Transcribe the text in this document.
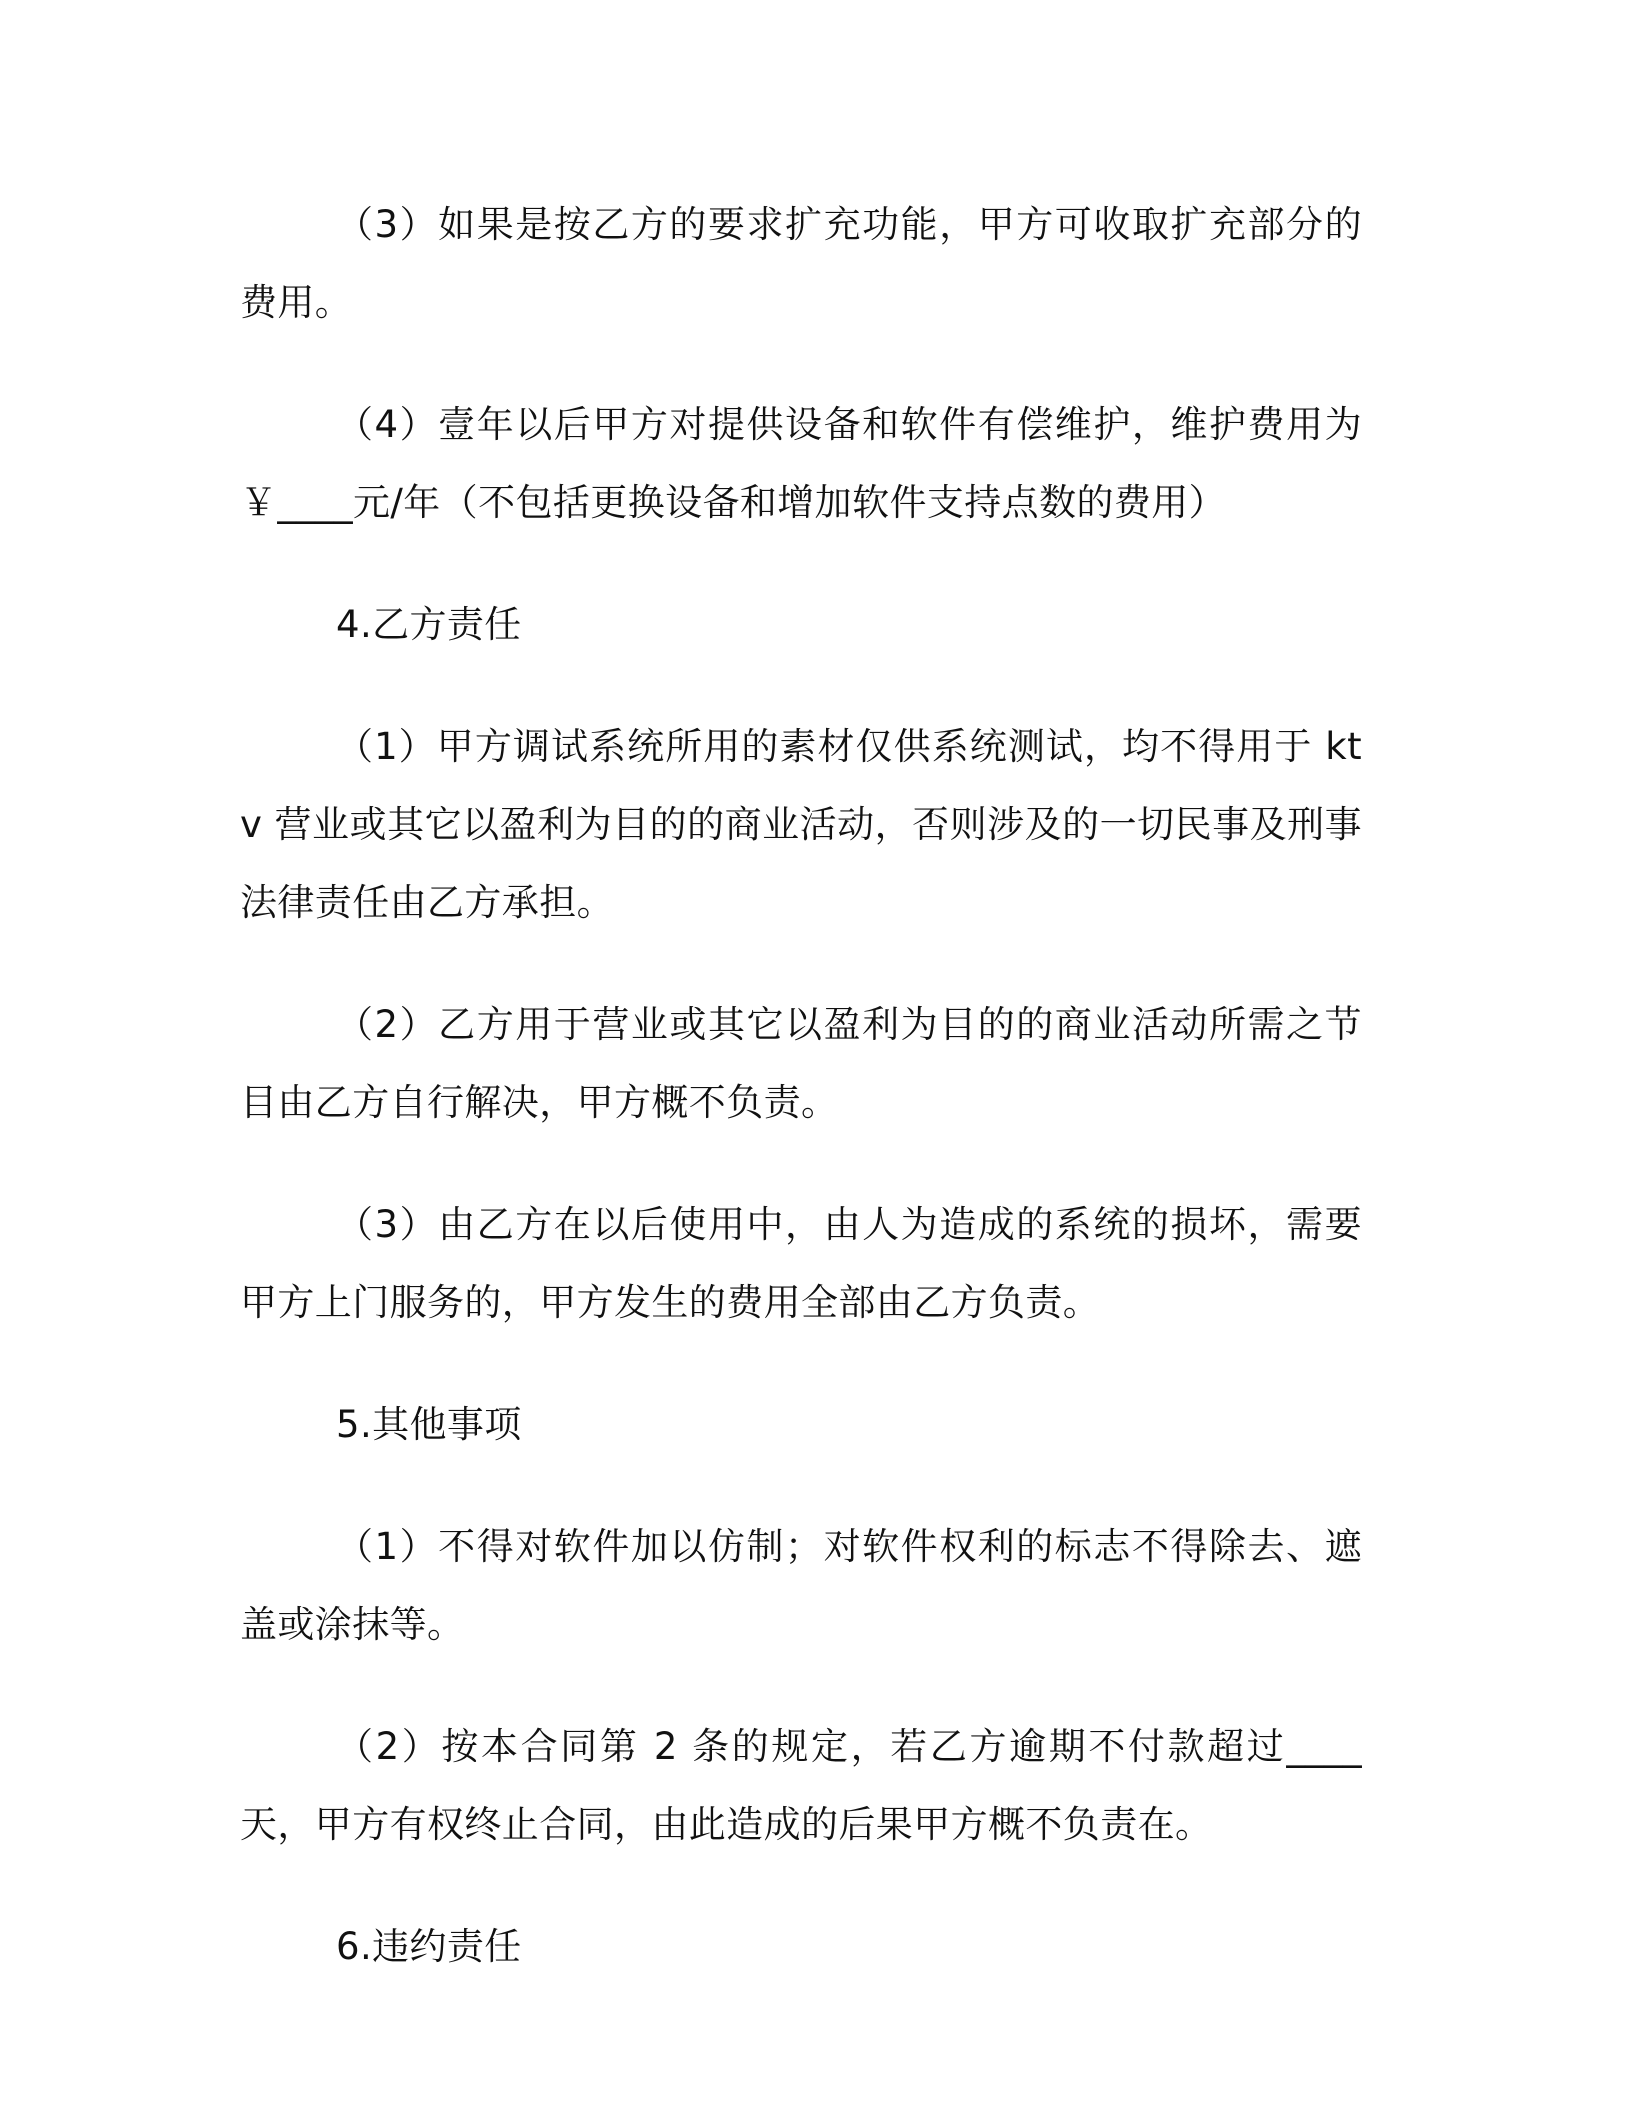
（3）如果是按乙方的要求扩充功能，甲方可收取扩充部分的费用。

（4）壹年以后甲方对提供设备和软件有偿维护，维护费用为￥____元/年（不包括更换设备和增加软件支持点数的费用）

4.乙方责任

（1）甲方调试系统所用的素材仅供系统测试，均不得用于 ktv 营业或其它以盈利为目的的商业活动，否则涉及的一切民事及刑事法律责任由乙方承担。

（2）乙方用于营业或其它以盈利为目的的商业活动所需之节目由乙方自行解决，甲方概不负责。

（3）由乙方在以后使用中，由人为造成的系统的损坏，需要甲方上门服务的，甲方发生的费用全部由乙方负责。

5.其他事项

（1）不得对软件加以仿制；对软件权利的标志不得除去、遮盖或涂抹等。

（2）按本合同第 2 条的规定，若乙方逾期不付款超过____天，甲方有权终止合同，由此造成的后果甲方概不负责在。

6.违约责任
